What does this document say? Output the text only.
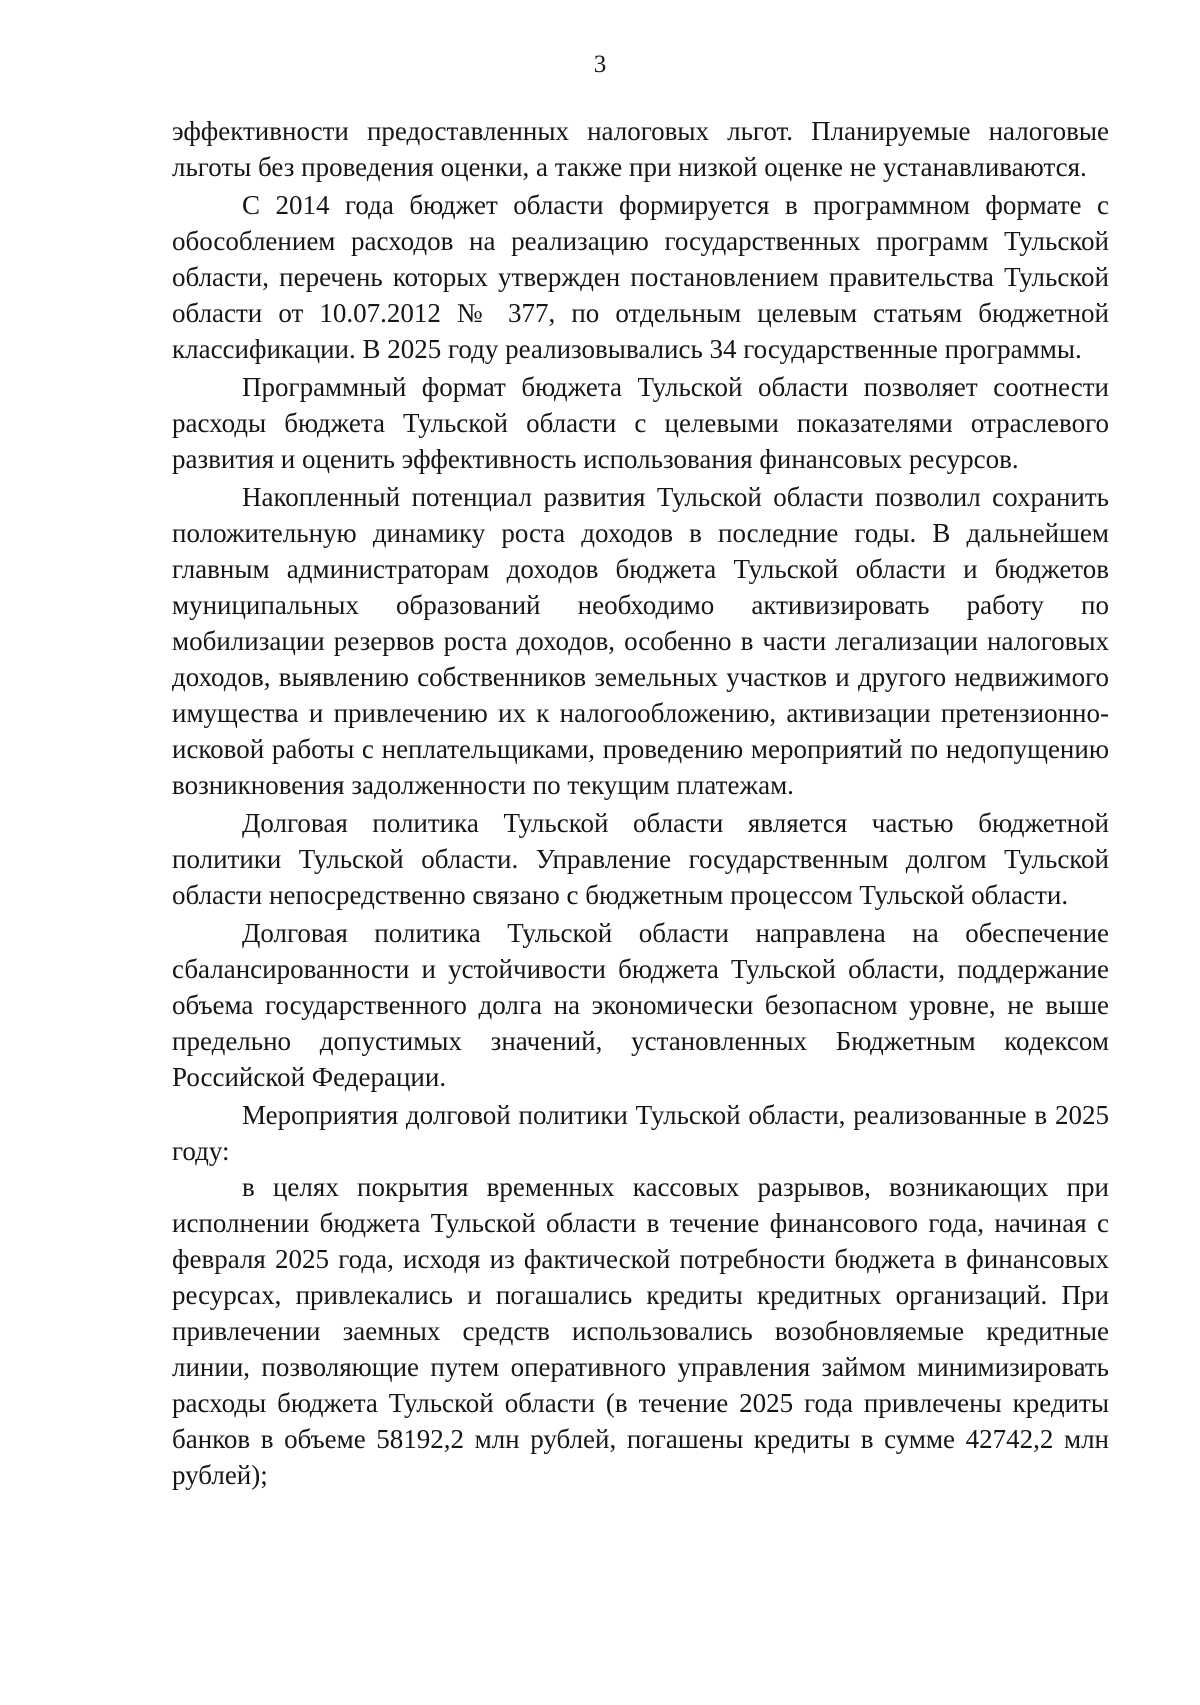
3

эффективности предоставленных налоговых льгот. Планируемые налоговые льготы без проведения оценки, а также при низкой оценке не устанавливаются.

С 2014 года бюджет области формируется в программном формате с обособлением расходов на реализацию государственных программ Тульской области, перечень которых утвержден постановлением правительства Тульской области от 10.07.2012 № 377, по отдельным целевым статьям бюджетной классификации. В 2025 году реализовывались 34 государственные программы.

Программный формат бюджета Тульской области позволяет соотнести расходы бюджета Тульской области с целевыми показателями отраслевого развития и оценить эффективность использования финансовых ресурсов.

Накопленный потенциал развития Тульской области позволил сохранить положительную динамику роста доходов в последние годы. В дальнейшем главным администраторам доходов бюджета Тульской области и бюджетов муниципальных образований необходимо активизировать работу по мобилизации резервов роста доходов, особенно в части легализации налоговых доходов, выявлению собственников земельных участков и другого недвижимого имущества и привлечению их к налогообложению, активизации претензионно-исковой работы с неплательщиками, проведению мероприятий по недопущению возникновения задолженности по текущим платежам.

Долговая политика Тульской области является частью бюджетной политики Тульской области. Управление государственным долгом Тульской области непосредственно связано с бюджетным процессом Тульской области.

Долговая политика Тульской области направлена на обеспечение сбалансированности и устойчивости бюджета Тульской области, поддержание объема государственного долга на экономически безопасном уровне, не выше предельно допустимых значений, установленных Бюджетным кодексом Российской Федерации.

Мероприятия долговой политики Тульской области, реализованные в 2025 году:

в целях покрытия временных кассовых разрывов, возникающих при исполнении бюджета Тульской области в течение финансового года, начиная с февраля 2025 года, исходя из фактической потребности бюджета в финансовых ресурсах, привлекались и погашались кредиты кредитных организаций. При привлечении заемных средств использовались возобновляемые кредитные линии, позволяющие путем оперативного управления займом минимизировать расходы бюджета Тульской области (в течение 2025 года привлечены кредиты банков в объеме 58192,2 млн рублей, погашены кредиты в сумме 42742,2 млн рублей);
